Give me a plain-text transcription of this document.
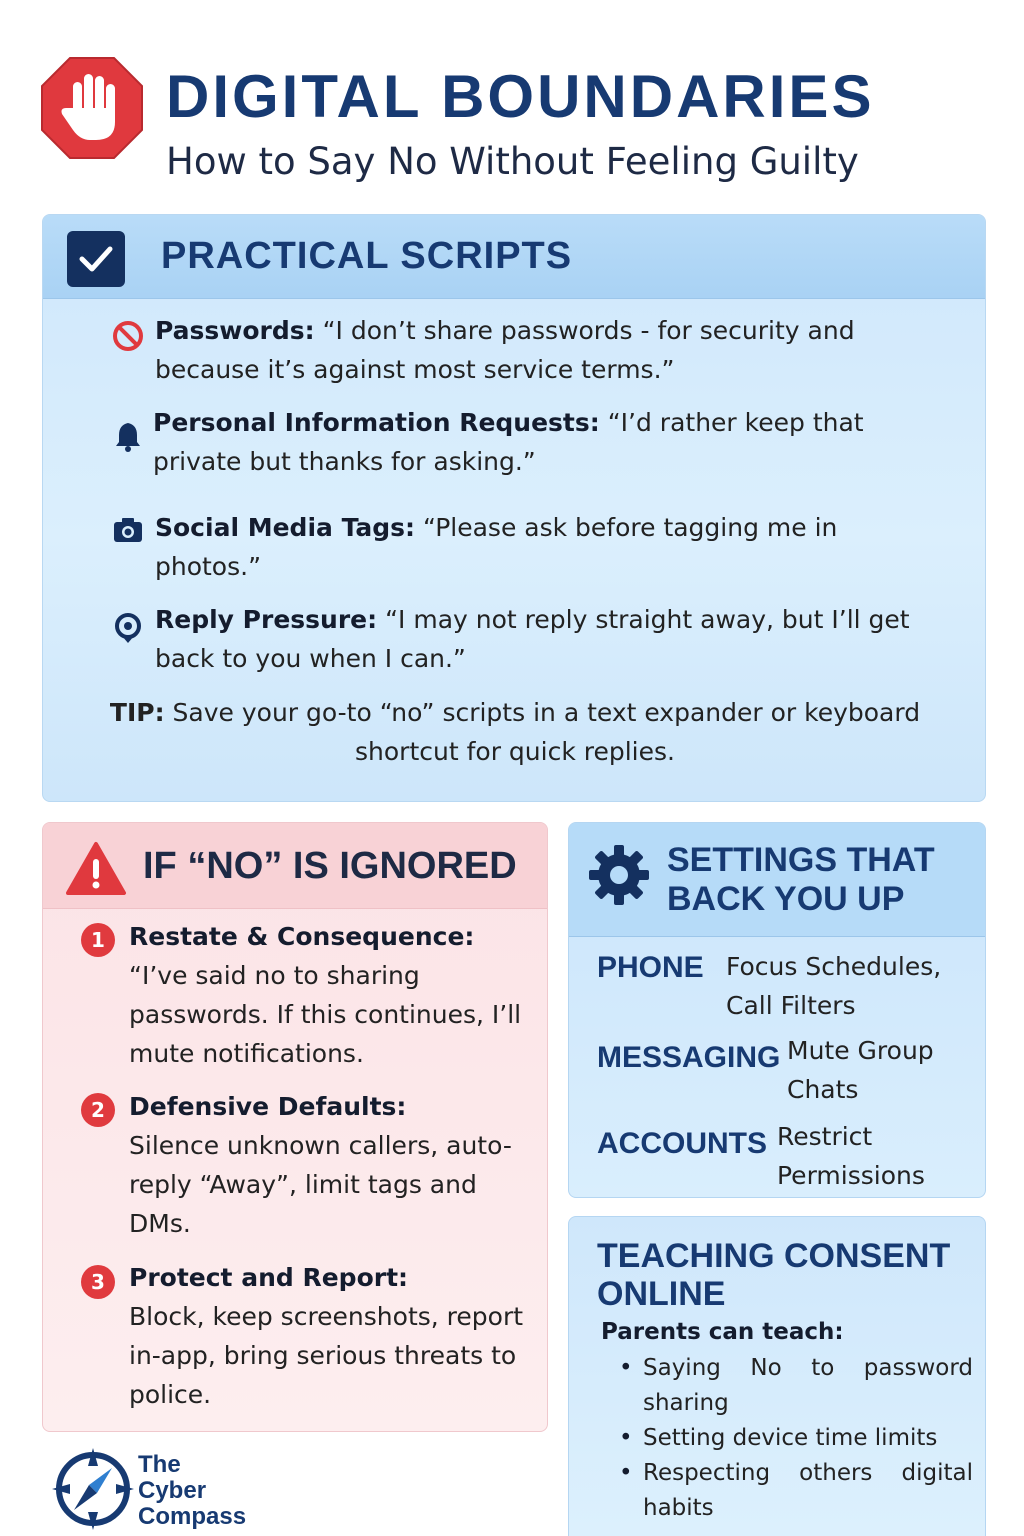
DIGITAL BOUNDARIES
How to Say No Without Feeling Guilty
PRACTICAL SCRIPTS
Passwords: “I don’t share passwords - for security and because it’s against most service terms.”
Personal Information Requests: “I’d rather keep that private but thanks for asking.”
Social Media Tags: “Please ask before tagging me in photos.”
Reply Pressure: “I may not reply straight away, but I’ll get back to you when I can.”
TIP: Save your go-to “no” scripts in a text expander or keyboard shortcut for quick replies.
IF “NO” IS IGNORED
1 Restate & Consequence:
“I’ve said no to sharing passwords. If this continues, I’ll mute notifications.
2 Defensive Defaults:
Silence unknown callers, auto-reply “Away”, limit tags and DMs.
3 Protect and Report:
Block, keep screenshots, report in-app, bring serious threats to police.
SETTINGS THAT BACK YOU UP
PHONE Focus Schedules, Call Filters
MESSAGING Mute Group Chats
ACCOUNTS Restrict Permissions
TEACHING CONSENT ONLINE
Parents can teach:
• Saying No to password sharing
• Setting device time limits
• Respecting others digital habits
The
Cyber
Compass
